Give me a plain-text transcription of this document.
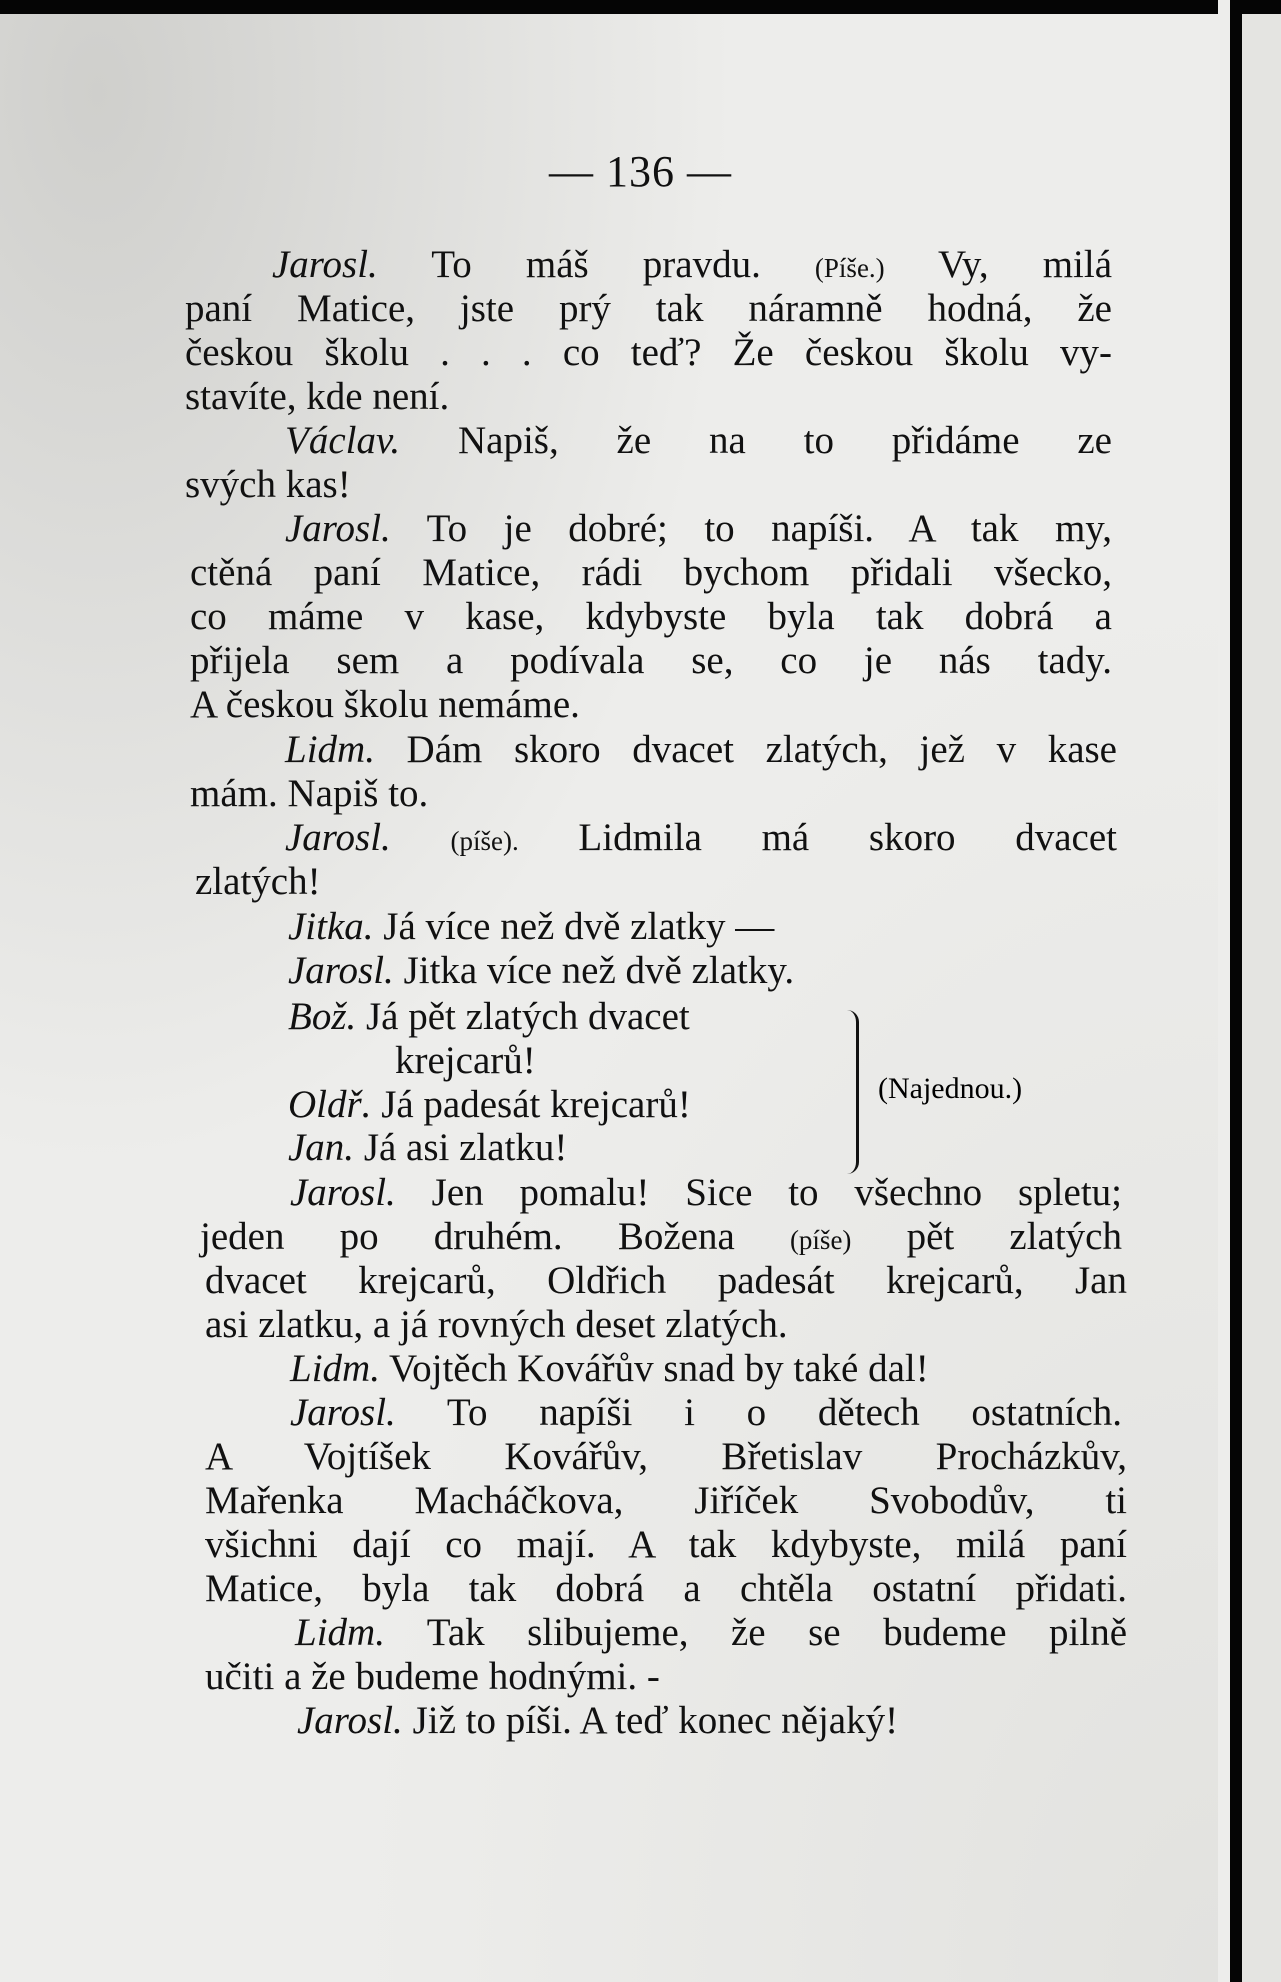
— 136 —
Jarosl. To máš pravdu. (Píše.) Vy, milá
paní Matice, jste prý tak náramně hodná, že
českou školu . . . co teď? Že českou školu vy-
stavíte, kde není.
Václav. Napiš, že na to přidáme ze
svých kas!
Jarosl. To je dobré; to napíši. A tak my,
ctěná paní Matice, rádi bychom přidali všecko,
co máme v kase, kdybyste byla tak dobrá a
přijela sem a podívala se, co je nás tady.
A českou školu nemáme.
Lidm. Dám skoro dvacet zlatých, jež v kase
mám. Napiš to.
Jarosl. (píše). Lidmila má skoro dvacet
zlatých!
Jitka. Já více než dvě zlatky —
Jarosl. Jitka více než dvě zlatky.
Bož. Já pět zlatých dvacet
krejcarů!
Oldř. Já padesát krejcarů!
Jan. Já asi zlatku!
Jarosl. Jen pomalu! Sice to všechno spletu;
jeden po druhém. Božena (píše) pět zlatých
dvacet krejcarů, Oldřich padesát krejcarů, Jan
asi zlatku, a já rovných deset zlatých.
Lidm. Vojtěch Kovářův snad by také dal!
Jarosl. To napíši i o dětech ostatních.
A Vojtíšek Kovářův, Břetislav Procházkův,
Mařenka Macháčkova, Jiříček Svobodův, ti
všichni dají co mají. A tak kdybyste, milá paní
Matice, byla tak dobrá a chtěla ostatní přidati.
Lidm. Tak slibujeme, že se budeme pilně
učiti a že budeme hodnými. -
Jarosl. Již to píši. A teď konec nějaký!
(Najednou.)
